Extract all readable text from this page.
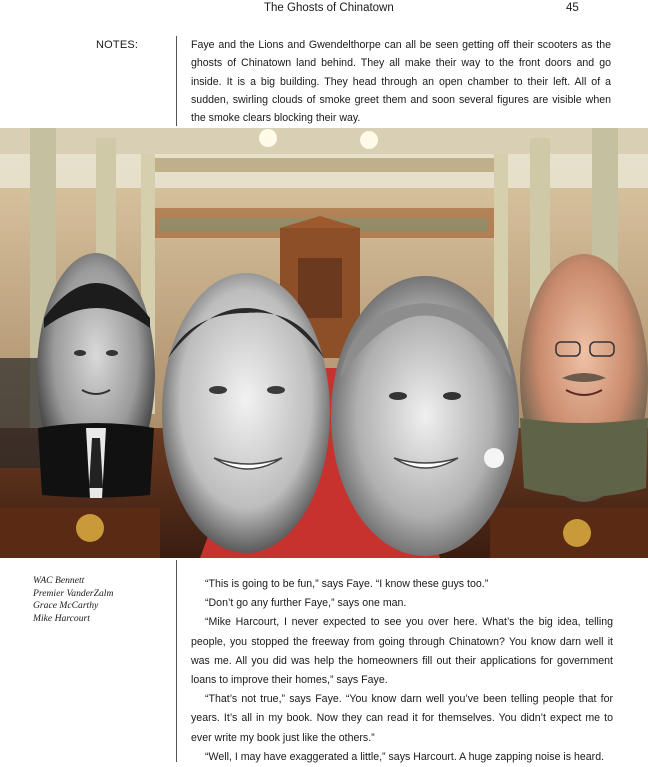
The Ghosts of Chinatown	45
NOTES:	Faye and the Lions and Gwendelthorpe can all be seen getting off their scooters as the ghosts of Chinatown land behind. They all make their way to the front doors and go inside. It is a big building. They head through an open chamber to their left. All of a sudden, swirling clouds of smoke greet them and soon several figures are visible when the smoke clears blocking their way.
WAC Bennett
Premier VanderZalm
Grace McCarthy
Mike Harcourt

“This is going to be fun,” says Faye. “I know these guys too.”

“Don’t go any further Faye,” says one man.

“Mike Harcourt, I never expected to see you over here. What’s the big idea, telling people, you stopped the freeway from going through Chinatown? You know darn well it was me. All you did was help the homeowners fill out their applications for government loans to improve their homes,” says Faye.

“That’s not true,” says Faye. “You know darn well you’ve been telling people that for years. It’s all in my book. Now they can read it for themselves. You didn’t expect me to ever write my book just like the others.”

“Well, I may have exaggerated a little,” says Harcourt. A huge zapping noise is heard.
